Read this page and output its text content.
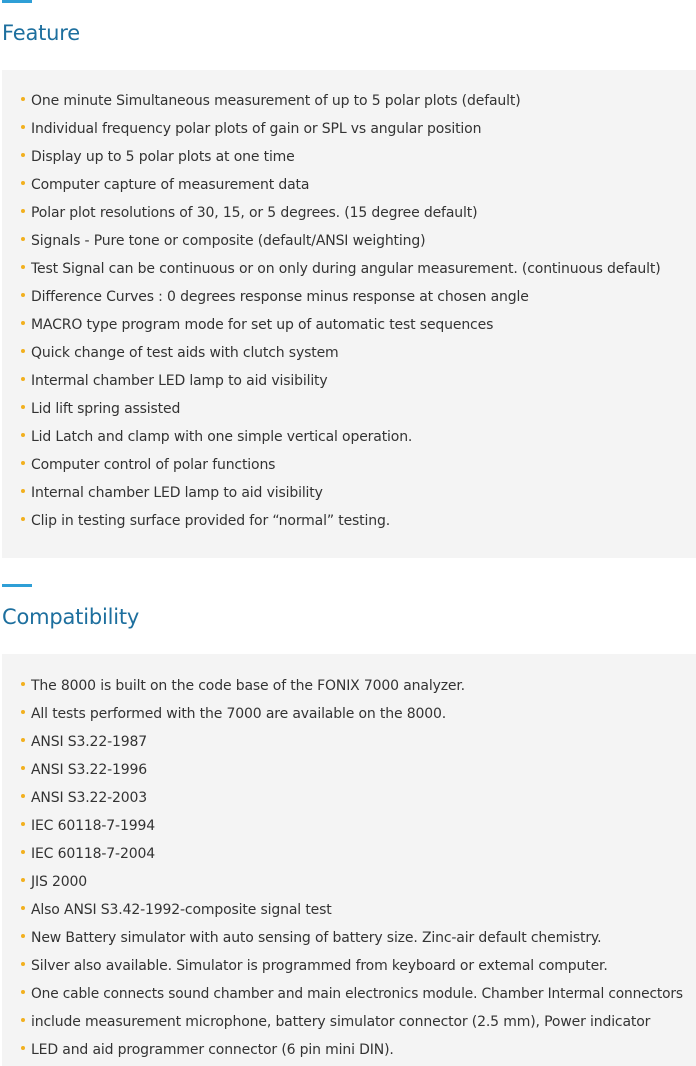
Feature
One minute Simultaneous measurement of up to 5 polar plots (default)
Individual frequency polar plots of gain or SPL vs angular position
Display up to 5 polar plots at one time
Computer capture of measurement data
Polar plot resolutions of 30, 15, or 5 degrees. (15 degree default)
Signals - Pure tone or composite (default/ANSI weighting)
Test Signal can be continuous or on only during angular measurement. (continuous default)
Difference Curves : 0 degrees response minus response at chosen angle
MACRO type program mode for set up of automatic test sequences
Quick change of test aids with clutch system
Intermal chamber LED lamp to aid visibility
Lid lift spring assisted
Lid Latch and clamp with one simple vertical operation.
Computer control of polar functions
Internal chamber LED lamp to aid visibility
Clip in testing surface provided for “normal” testing.
Compatibility
The 8000 is built on the code base of the FONIX 7000 analyzer.
All tests performed with the 7000 are available on the 8000.
ANSI S3.22-1987
ANSI S3.22-1996
ANSI S3.22-2003
IEC 60118-7-1994
IEC 60118-7-2004
JIS 2000
Also ANSI S3.42-1992-composite signal test
New Battery simulator with auto sensing of battery size. Zinc-air default chemistry.
Silver also available. Simulator is programmed from keyboard or extemal computer.
One cable connects sound chamber and main electronics module. Chamber Intermal connectors
include measurement microphone, battery simulator connector (2.5 mm), Power indicator
LED and aid programmer connector (6 pin mini DIN).
